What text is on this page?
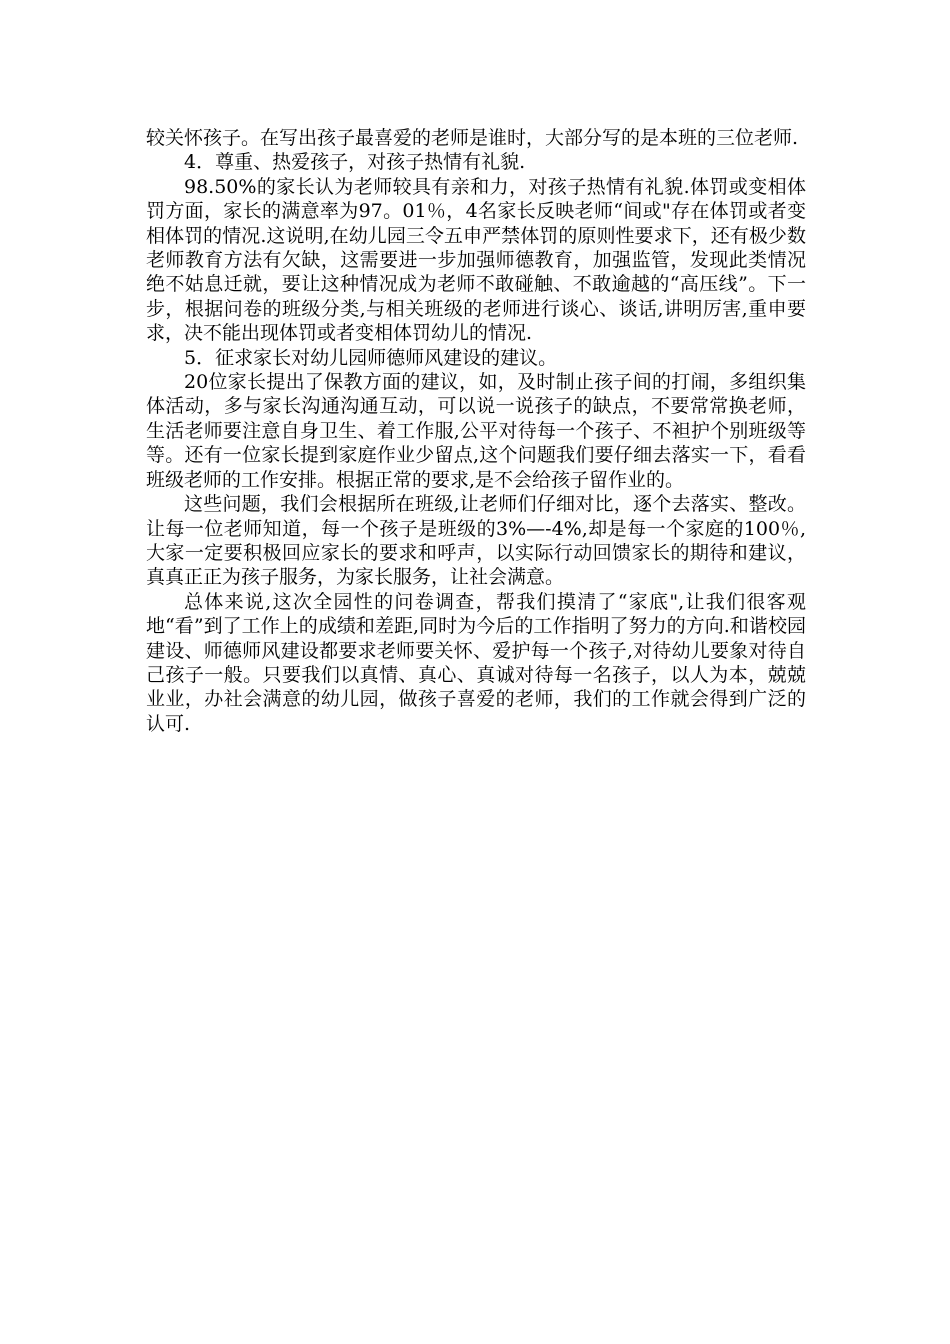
较关怀孩子。在写出孩子最喜爱的老师是谁时，大部分写的是本班的三位老师.

4．尊重、热爱孩子，对孩子热情有礼貌.

98.50%的家长认为老师较具有亲和力，对孩子热情有礼貌.体罚或变相体罚方面，家长的满意率为97。01％，4名家长反映老师“间或"存在体罚或者变相体罚的情况.这说明,在幼儿园三令五申严禁体罚的原则性要求下，还有极少数老师教育方法有欠缺，这需要进一步加强师德教育，加强监管，发现此类情况绝不姑息迁就，要让这种情况成为老师不敢碰触、不敢逾越的“高压线”。下一步，根据问卷的班级分类,与相关班级的老师进行谈心、谈话,讲明厉害,重申要求，决不能出现体罚或者变相体罚幼儿的情况.

5．征求家长对幼儿园师德师风建设的建议。

20位家长提出了保教方面的建议，如，及时制止孩子间的打闹，多组织集体活动，多与家长沟通沟通互动，可以说一说孩子的缺点，不要常常换老师，生活老师要注意自身卫生、着工作服,公平对待每一个孩子、不袒护个别班级等等。还有一位家长提到家庭作业少留点,这个问题我们要仔细去落实一下，看看班级老师的工作安排。根据正常的要求,是不会给孩子留作业的。

这些问题，我们会根据所在班级,让老师们仔细对比，逐个去落实、整改。让每一位老师知道，每一个孩子是班级的3%—-4%,却是每一个家庭的100％,大家一定要积极回应家长的要求和呼声，以实际行动回馈家长的期待和建议，真真正正为孩子服务，为家长服务，让社会满意。

总体来说,这次全园性的问卷调查，帮我们摸清了“家底",让我们很客观地“看”到了工作上的成绩和差距,同时为今后的工作指明了努力的方向.和谐校园建设、师德师风建设都要求老师要关怀、爱护每一个孩子,对待幼儿要象对待自己孩子一般。只要我们以真情、真心、真诚对待每一名孩子，以人为本，兢兢业业，办社会满意的幼儿园，做孩子喜爱的老师，我们的工作就会得到广泛的认可.
